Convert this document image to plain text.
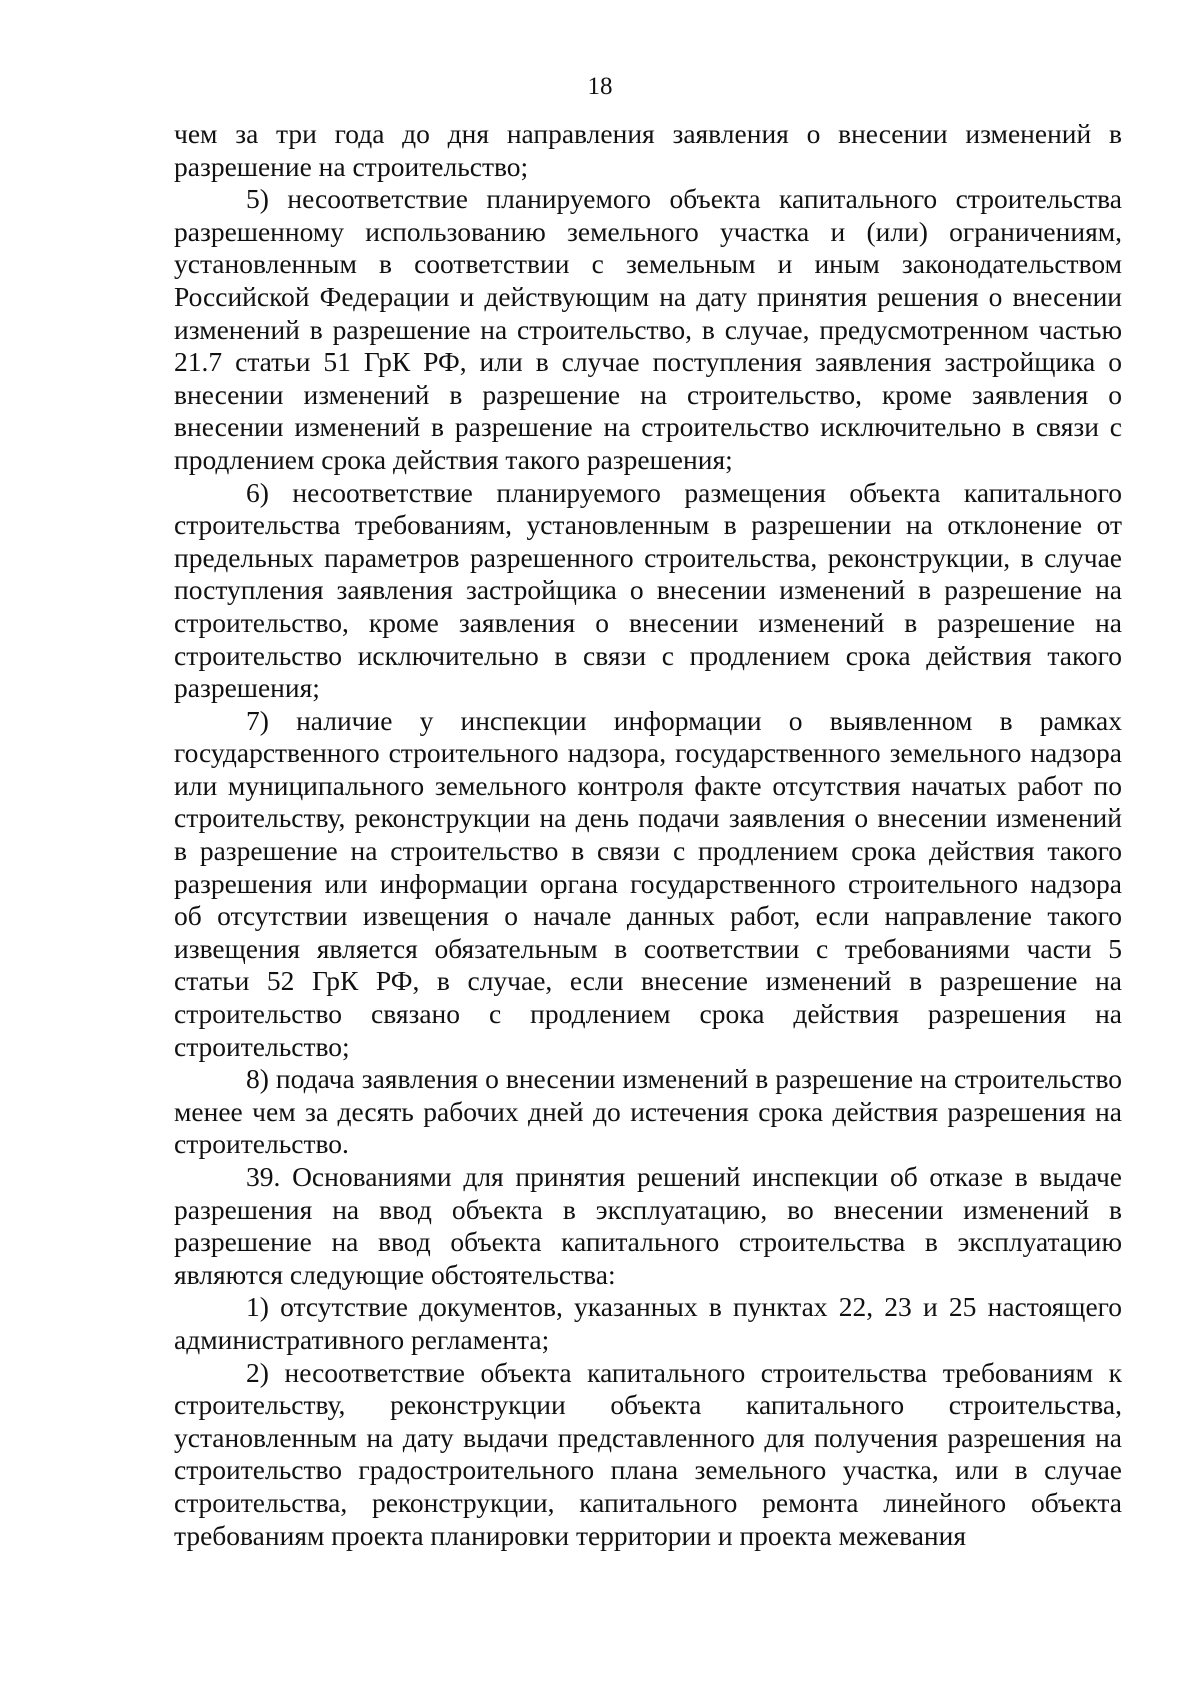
18

чем за три года до дня направления заявления о внесении изменений в разрешение на строительство;

5) несоответствие планируемого объекта капитального строительства разрешенному использованию земельного участка и (или) ограничениям, установленным в соответствии с земельным и иным законодательством Российской Федерации и действующим на дату принятия решения о внесении изменений в разрешение на строительство, в случае, предусмотренном частью 21.7 статьи 51 ГрК РФ, или в случае поступления заявления застройщика о внесении изменений в разрешение на строительство, кроме заявления о внесении изменений в разрешение на строительство исключительно в связи с продлением срока действия такого разрешения;

6) несоответствие планируемого размещения объекта капитального строительства требованиям, установленным в разрешении на отклонение от предельных параметров разрешенного строительства, реконструкции, в случае поступления заявления застройщика о внесении изменений в разрешение на строительство, кроме заявления о внесении изменений в разрешение на строительство исключительно в связи с продлением срока действия такого разрешения;

7) наличие у инспекции информации о выявленном в рамках государственного строительного надзора, государственного земельного надзора или муниципального земельного контроля факте отсутствия начатых работ по строительству, реконструкции на день подачи заявления о внесении изменений в разрешение на строительство в связи с продлением срока действия такого разрешения или информации органа государственного строительного надзора об отсутствии извещения о начале данных работ, если направление такого извещения является обязательным в соответствии с требованиями части 5 статьи 52 ГрК РФ, в случае, если внесение изменений в разрешение на строительство связано с продлением срока действия разрешения на строительство;

8) подача заявления о внесении изменений в разрешение на строительство менее чем за десять рабочих дней до истечения срока действия разрешения на строительство.

39. Основаниями для принятия решений инспекции об отказе в выдаче разрешения на ввод объекта в эксплуатацию, во внесении изменений в разрешение на ввод объекта капитального строительства в эксплуатацию являются следующие обстоятельства:

1) отсутствие документов, указанных в пунктах 22, 23 и 25 настоящего административного регламента;

2) несоответствие объекта капитального строительства требованиям к строительству, реконструкции объекта капитального строительства, установленным на дату выдачи представленного для получения разрешения на строительство градостроительного плана земельного участка, или в случае строительства, реконструкции, капитального ремонта линейного объекта требованиям проекта планировки территории и проекта межевания
